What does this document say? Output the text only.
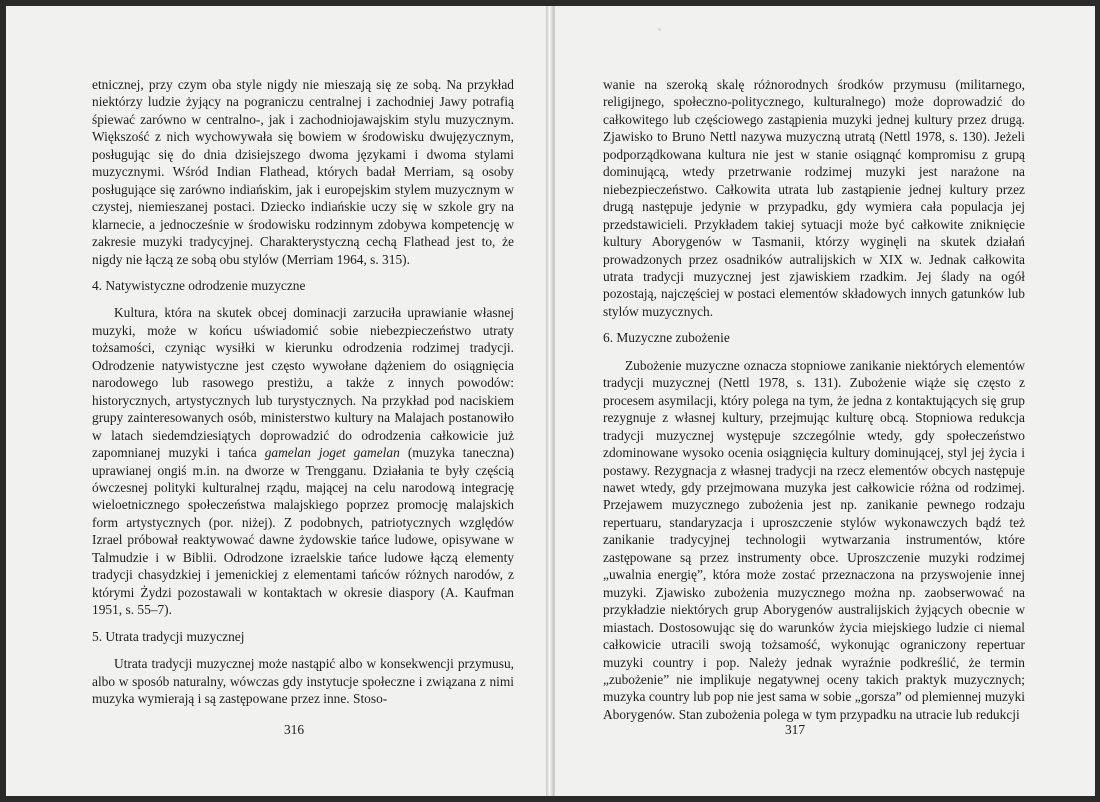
etnicznej, przy czym oba style nigdy nie mieszają się ze sobą. Na przykład niektórzy ludzie żyjący na pograniczu centralnej i zachodniej Jawy potrafią śpiewać zarówno w centralno-, jak i zachodniojawajskim stylu muzycznym. Większość z nich wychowywała się bowiem w środowisku dwujęzycznym, posługując się do dnia dzisiejszego dwoma językami i dwoma stylami muzycznymi. Wśród Indian Flathead, których badał Merriam, są osoby posługujące się zarówno indiańskim, jak i europejskim stylem muzycznym w czystej, niemieszanej postaci. Dziecko indiańskie uczy się w szkole gry na klarnecie, a jednocześnie w środowisku rodzinnym zdobywa kompetencję w zakresie muzyki tradycyjnej. Charakterystyczną cechą Flathead jest to, że nigdy nie łączą ze sobą obu stylów (Merriam 1964, s. 315).

4. Natywistyczne odrodzenie muzyczne

Kultura, która na skutek obcej dominacji zarzuciła uprawianie własnej muzyki, może w końcu uświadomić sobie niebezpieczeństwo utraty tożsamości, czyniąc wysiłki w kierunku odrodzenia rodzimej tradycji. Odrodzenie natywistyczne jest często wywołane dążeniem do osiągnięcia narodowego lub rasowego prestiżu, a także z innych powodów: historycznych, artystycznych lub turystycznych. Na przykład pod naciskiem grupy zainteresowanych osób, ministerstwo kultury na Malajach postanowiło w latach siedemdziesiątych doprowadzić do odrodzenia całkowicie już zapomnianej muzyki i tańca gamelan joget gamelan (muzyka taneczna) uprawianej ongiś m.in. na dworze w Trengganu. Działania te były częścią ówczesnej polityki kulturalnej rządu, mającej na celu narodową integrację wieloetnicznego społeczeństwa malajskiego poprzez promocję malajskich form artystycznych (por. niżej). Z podobnych, patriotycznych względów Izrael próbował reaktywować dawne żydowskie tańce ludowe, opisywane w Talmudzie i w Biblii. Odrodzone izraelskie tańce ludowe łączą elementy tradycji chasydzkiej i jemenickiej z elementami tańców różnych narodów, z którymi Żydzi pozostawali w kontaktach w okresie diaspory (A. Kaufman 1951, s. 55–7).

5. Utrata tradycji muzycznej

Utrata tradycji muzycznej może nastąpić albo w konsekwencji przymusu, albo w sposób naturalny, wówczas gdy instytucje społeczne i związana z nimi muzyka wymierają i są zastępowane przez inne. Stoso-

316

wanie na szeroką skalę różnorodnych środków przymusu (militarnego, religijnego, społeczno-politycznego, kulturalnego) może doprowadzić do całkowitego lub częściowego zastąpienia muzyki jednej kultury przez drugą. Zjawisko to Bruno Nettl nazywa muzyczną utratą (Nettl 1978, s. 130). Jeżeli podporządkowana kultura nie jest w stanie osiągnąć kompromisu z grupą dominującą, wtedy przetrwanie rodzimej muzyki jest narażone na niebezpieczeństwo. Całkowita utrata lub zastąpienie jednej kultury przez drugą następuje jedynie w przypadku, gdy wymiera cała populacja jej przedstawicieli. Przykładem takiej sytuacji może być całkowite zniknięcie kultury Aborygenów w Tasmanii, którzy wyginęli na skutek działań prowadzonych przez osadników autralijskich w XIX w. Jednak całkowita utrata tradycji muzycznej jest zjawiskiem rzadkim. Jej ślady na ogół pozostają, najczęściej w postaci elementów składowych innych gatunków lub stylów muzycznych.

6. Muzyczne zubożenie

Zubożenie muzyczne oznacza stopniowe zanikanie niektórych elementów tradycji muzycznej (Nettl 1978, s. 131). Zubożenie wiąże się często z procesem asymilacji, który polega na tym, że jedna z kontaktujących się grup rezygnuje z własnej kultury, przejmując kulturę obcą. Stopniowa redukcja tradycji muzycznej występuje szczególnie wtedy, gdy społeczeństwo zdominowane wysoko ocenia osiągnięcia kultury dominującej, styl jej życia i postawy. Rezygnacja z własnej tradycji na rzecz elementów obcych następuje nawet wtedy, gdy przejmowana muzyka jest całkowicie różna od rodzimej. Przejawem muzycznego zubożenia jest np. zanikanie pewnego rodzaju repertuaru, standaryzacja i uproszczenie stylów wykonawczych bądź też zanikanie tradycyjnej technologii wytwarzania instrumentów, które zastępowane są przez instrumenty obce. Uproszczenie muzyki rodzimej „uwalnia energię”, która może zostać przeznaczona na przyswojenie innej muzyki. Zjawisko zubożenia muzycznego można np. zaobserwować na przykładzie niektórych grup Aborygenów australijskich żyjących obecnie w miastach. Dostosowując się do warunków życia miejskiego ludzie ci niemal całkowicie utracili swoją tożsamość, wykonując ograniczony repertuar muzyki country i pop. Należy jednak wyraźnie podkreślić, że termin „zubożenie” nie implikuje negatywnej oceny takich praktyk muzycznych; muzyka country lub pop nie jest sama w sobie „gorsza” od plemiennej muzyki Aborygenów. Stan zubożenia polega w tym przypadku na utracie lub redukcji

317
